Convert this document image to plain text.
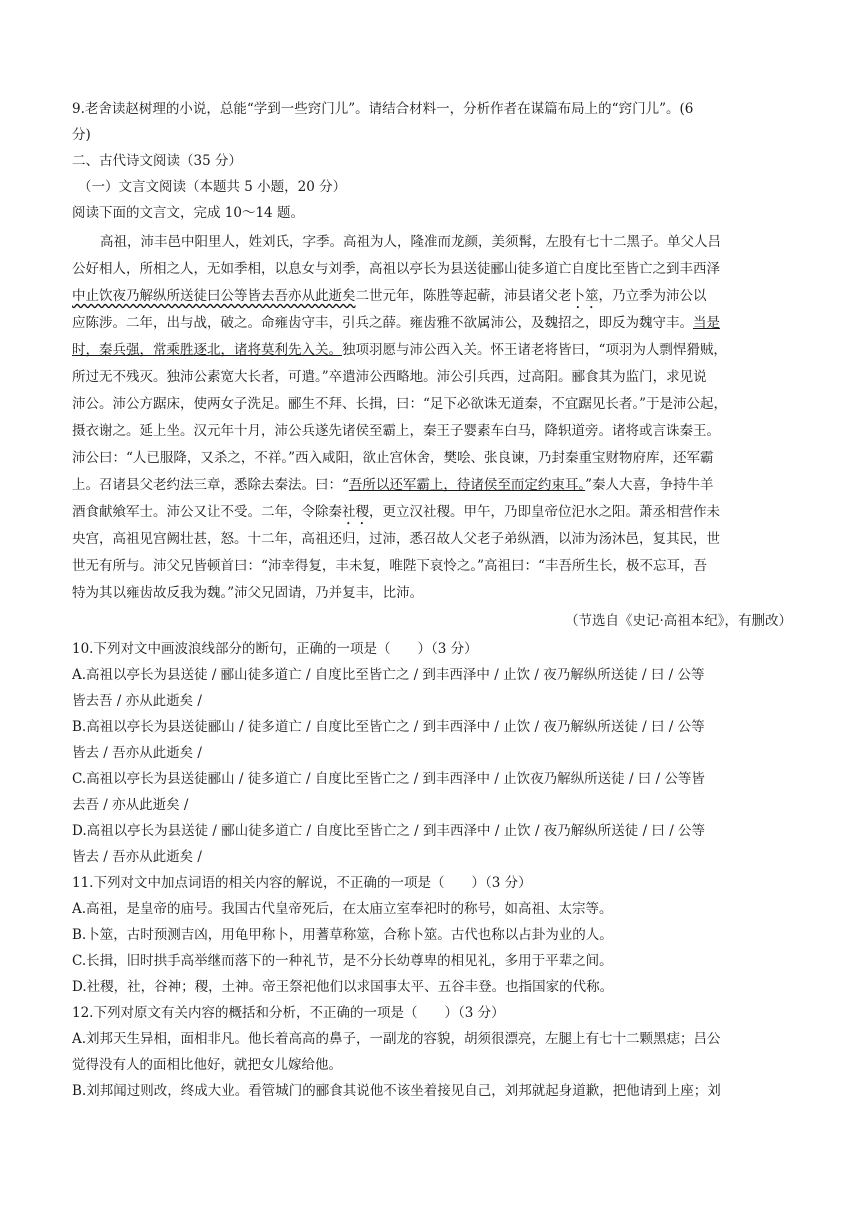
9.老舍读赵树理的小说，总能“学到一些窍门儿”。请结合材料一，分析作者在谋篇布局上的“窍门儿”。(6
分)
二、古代诗文阅读（35 分）
（一）文言文阅读（本题共 5 小题，20 分）
阅读下面的文言文，完成 10～14 题。
高祖，沛丰邑中阳里人，姓刘氏，字季。高祖为人，隆准而龙颜，美须髯，左股有七十二黑子。单父人吕
公好相人，所相之人，无如季相，以息女与刘季，高祖以亭长为县送徒郦山徒多道亡自度比至皆亡之到丰西泽
中止饮夜乃解纵所送徒曰公等皆去吾亦从此逝矣二世元年，陈胜等起蕲，沛县诸父老卜筮，乃立季为沛公以
应陈涉。二年，出与战，破之。命雍齿守丰，引兵之薛。雍齿雅不欲属沛公，及魏招之，即反为魏守丰。当是
时，秦兵强，常乘胜逐北，诸将莫利先入关。独项羽愿与沛公西入关。怀王诸老将皆曰，“项羽为人剽悍猾贼，
所过无不残灭。独沛公素宽大长者，可遣。”卒遣沛公西略地。沛公引兵西，过高阳。郦食其为监门，求见说
沛公。沛公方踞床，使两女子洗足。郦生不拜、长揖，曰：“足下必欲诛无道秦，不宜踞见长者。”于是沛公起，
摄衣谢之。延上坐。汉元年十月，沛公兵遂先诸侯至霸上，秦王子婴素车白马，降轵道旁。诸将或言诛秦王。
沛公曰：“人已服降，又杀之，不祥。”西入咸阳，欲止宫休舍，樊哙、张良谏，乃封秦重宝财物府库，还军霸
上。召诸县父老约法三章，悉除去秦法。曰：“吾所以还军霸上，待诸侯至而定约束耳。”秦人大喜，争持牛羊
酒食献飨军士。沛公又让不受。二年，令除秦社稷，更立汉社稷。甲午，乃即皇帝位汜水之阳。萧丞相营作未
央宫，高祖见宫阙壮甚，怒。十二年，高祖还归，过沛，悉召故人父老子弟纵酒，以沛为汤沐邑，复其民，世
世无有所与。沛父兄皆顿首曰：“沛幸得复，丰未复，唯陛下哀怜之。”高祖曰：“丰吾所生长，极不忘耳，吾
特为其以雍齿故反我为魏。”沛父兄固请，乃并复丰，比沛。
（节选自《史记·高祖本纪》，有删改）
10.下列对文中画波浪线部分的断句，正确的一项是（　　）（3 分）
A.高祖以亭长为县送徒 / 郦山徒多道亡 / 自度比至皆亡之 / 到丰西泽中 / 止饮 / 夜乃解纵所送徒 / 曰 / 公等
皆去吾 / 亦从此逝矣 /
B.高祖以亭长为县送徒郦山 / 徒多道亡 / 自度比至皆亡之 / 到丰西泽中 / 止饮 / 夜乃解纵所送徒 / 曰 / 公等
皆去 / 吾亦从此逝矣 /
C.高祖以亭长为县送徒郦山 / 徒多道亡 / 自度比至皆亡之 / 到丰西泽中 / 止饮夜乃解纵所送徒 / 曰 / 公等皆
去吾 / 亦从此逝矣 /
D.高祖以亭长为县送徒 / 郦山徒多道亡 / 自度比至皆亡之 / 到丰西泽中 / 止饮 / 夜乃解纵所送徒 / 曰 / 公等
皆去 / 吾亦从此逝矣 /
11.下列对文中加点词语的相关内容的解说，不正确的一项是（　　）（3 分）
A.高祖，是皇帝的庙号。我国古代皇帝死后，在太庙立室奉祀时的称号，如高祖、太宗等。
B.卜筮，古时预测吉凶，用龟甲称卜，用蓍草称筮，合称卜筮。古代也称以占卦为业的人。
C.长揖，旧时拱手高举继而落下的一种礼节，是不分长幼尊卑的相见礼，多用于平辈之间。
D.社稷，社，谷神；稷，土神。帝王祭祀他们以求国事太平、五谷丰登。也指国家的代称。
12.下列对原文有关内容的概括和分析，不正确的一项是（　　）（3 分）
A.刘邦天生异相，面相非凡。他长着高高的鼻子，一副龙的容貌，胡须很漂亮，左腿上有七十二颗黑痣；吕公
觉得没有人的面相比他好，就把女儿嫁给他。
B.刘邦闻过则改，终成大业。看管城门的郦食其说他不该坐着接见自己，刘邦就起身道歉，把他请到上座；刘
